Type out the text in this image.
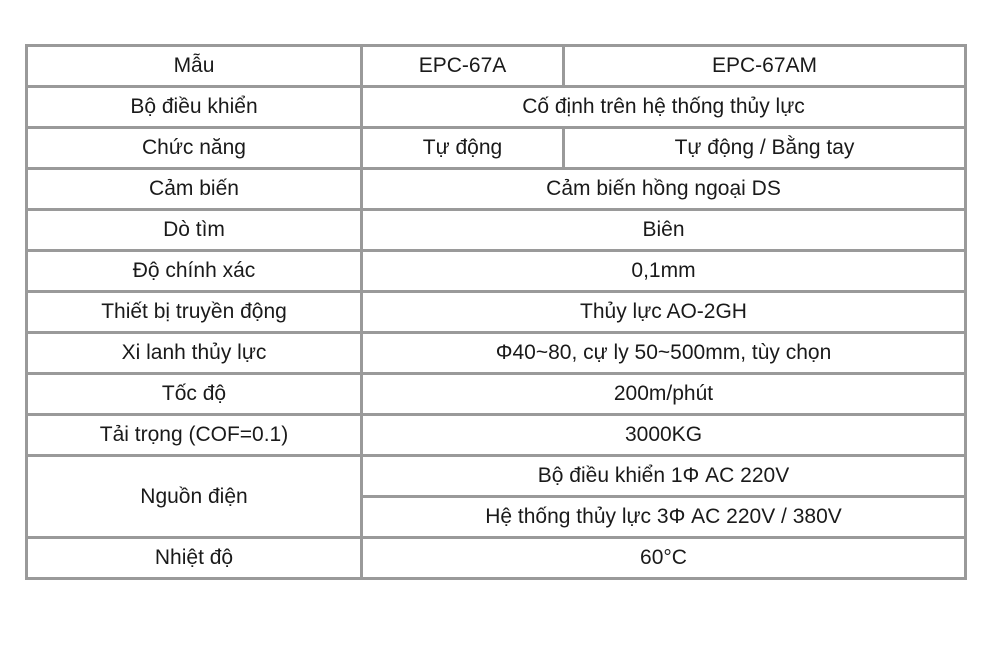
Mẫu	EPC-67A	EPC-67AM
Bộ điều khiển	Cố định trên hệ thống thủy lực	
Chức năng	Tự động	Tự động / Bằng tay
Cảm biến	Cảm biến hồng ngoại DS	
Dò tìm	Biên	
Độ chính xác	0,1mm	
Thiết bị truyền động	Thủy lực AO-2GH	
Xi lanh thủy lực	Φ40~80, cự ly 50~500mm, tùy chọn	
Tốc độ	200m/phút	
Tải trọng (COF=0.1)	3000KG	
Nguồn điện	Bộ điều khiển 1Φ AC 220V	
	Hệ thống thủy lực 3Φ AC 220V / 380V	
Nhiệt độ	60°C	
